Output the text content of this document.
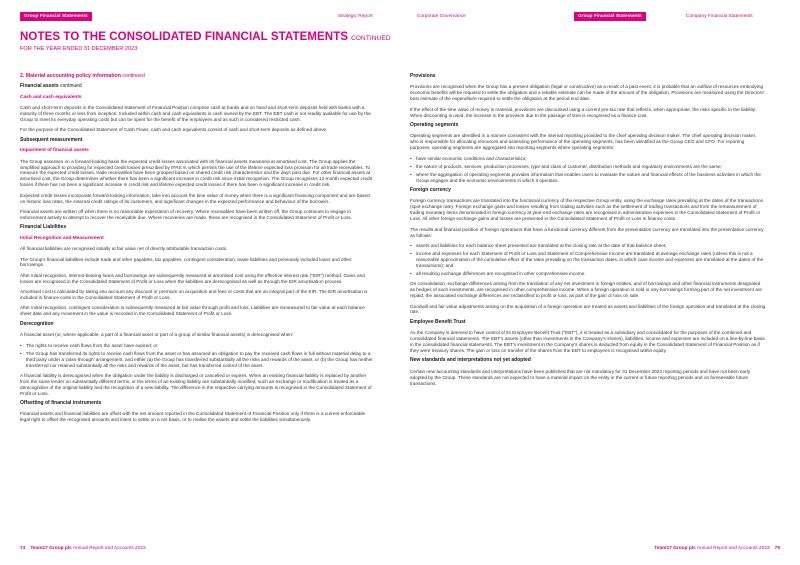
Group Financial Statements	Strategic Report	Corporate Governance	Group Financial Statements	Company Financial Statements
NOTES TO THE CONSOLIDATED FINANCIAL STATEMENTS CONTINUED
FOR THE YEAR ENDED 31 DECEMBER 2023

2. Material accounting policy information continued

Financial assets continued

Cash and cash equivalents

Cash and short-term deposits in the Consolidated Statement of Financial Position comprise cash at banks and on hand and short-term deposits held with banks with a maturity of three months or less from inception. Included within cash and cash equivalents is cash owned by the EBT. The EBT cash is not readily available for use by the Group to meet its everyday operating costs but can be spent for the benefit of the employees and as such is considered restricted cash.

For the purpose of the Consolidated Statement of Cash Flows, cash and cash equivalents consist of cash and short-term deposits as defined above.

Subsequent measurement

Impairment of financial assets

The Group assesses on a forward-looking basis the expected credit losses associated with its financial assets measured at amortised cost. The Group applies the simplified approach to providing for expected credit losses prescribed by IFRS 9, which permits the use of the lifetime expected loss provision for all trade receivables. To measure the expected credit losses, trade receivables have been grouped based on shared credit risk characteristics and the days past due. For other financial assets at amortised cost, the Group determines whether there has been a significant increase in credit risk since initial recognition. The Group recognises 12-month expected credit losses if there has not been a significant increase in credit risk and lifetime expected credit losses if there has been a significant increase in credit risk.

Expected credit losses incorporate forward-looking information, take into account the time value of money when there is a significant financing component and are based on historic loss rates, the external credit ratings of its customers, and significant changes in the expected performance and behaviour of the borrower.

Financial assets are written off when there is no reasonable expectation of recovery. Where receivables have been written off, the Group continues to engage in enforcement activity to attempt to recover the receivable due. Where recoveries are made, these are recognised in the Consolidated Statement of Profit or Loss.

Financial Liabilities

Initial Recognition and Measurement

All financial liabilities are recognised initially at fair value net of directly attributable transaction costs.

The Group's financial liabilities include trade and other payables, tax payables, contingent consideration, lease liabilities and previously included loans and other borrowings.

After initial recognition, interest-bearing loans and borrowings are subsequently measured at amortised cost using the effective interest rate ("EIR") method. Gains and losses are recognised in the Consolidated Statement of Profit or Loss when the liabilities are derecognised as well as through the EIR amortisation process.

Amortised cost is calculated by taking into account any discount or premium on acquisition and fees or costs that are an integral part of the EIR. The EIR amortisation is included in finance costs in the Consolidated Statement of Profit or Loss.

After initial recognition, contingent consideration is subsequently measured at fair value through profit and loss. Liabilities are remeasured to fair value at each balance sheet date and any movement in the value is recorded in the Consolidated Statement of Profit or Loss.

Derecognition

A financial asset (or, where applicable, a part of a financial asset or part of a group of similar financial assets) is derecognised when:

• The rights to receive cash flows from the asset have expired; or
• The Group has transferred its rights to receive cash flows from the asset or has assumed an obligation to pay the received cash flows in full without material delay to a third party under a 'pass-through' arrangement, and either (a) the Group has transferred substantially all the risks and rewards of the asset, or (b) the Group has neither transferred nor retained substantially all the risks and rewards of the asset, but has transferred control of the asset.

A financial liability is derecognised when the obligation under the liability is discharged or cancelled or expires. When an existing financial liability is replaced by another from the same lender on substantially different terms, or the terms of an existing liability are substantially modified, such an exchange or modification is treated as a derecognition of the original liability and the recognition of a new liability. The difference in the respective carrying amounts is recognised in the Consolidated Statement of Profit or Loss.

Offsetting of financial instruments

Financial assets and financial liabilities are offset with the net amount reported in the Consolidated Statement of Financial Position only if there is a current enforceable legal right to offset the recognised amounts and intent to settle on a net basis, or to realise the assets and settle the liabilities simultaneously.

Provisions

Provisions are recognised when the Group has a present obligation (legal or constructive) as a result of a past event, it is probable that an outflow of resources embodying economic benefits will be required to settle the obligation and a reliable estimate can be made of the amount of the obligation. Provisions are measured using the Directors' best estimate of the expenditure required to settle the obligation at the period end date.

If the effect of the time value of money is material, provisions are discounted using a current pre-tax rate that reflects, when appropriate, the risks specific to the liability. When discounting is used, the increase in the provision due to the passage of time is recognised as a finance cost.

Operating segments

Operating segments are identified in a manner consistent with the internal reporting provided to the chief operating decision maker. The chief operating decision maker, who is responsible for allocating resources and assessing performance of the operating segments, has been identified as the Group CEO and CFO. For reporting purposes, operating segments are aggregated into reporting segments where operating segments:

• have similar economic conditions and characteristics;
• the nature of products, services, production processes, type and class of customer, distribution methods and regulatory environments are the same;
• where the aggregation of operating segments provides information that enables users to evaluate the nature and financial effects of the business activities in which the Group engages and the economic environments in which it operates.

Foreign currency

Foreign currency transactions are translated into the functional currency of the respective Group entity, using the exchange rates prevailing at the dates of the transactions (spot exchange rate). Foreign exchange gains and losses resulting from trading activities such as the settlement of trading transactions and from the remeasurement of trading monetary items denominated in foreign currency at year-end exchange rates are recognised in administrative expenses in the Consolidated Statement of Profit or Loss. All other foreign exchange gains and losses are presented in the Consolidated Statement of Profit or Loss in finance costs.

The results and financial position of foreign operations that have a functional currency different from the presentation currency are translated into the presentation currency as follows:

• assets and liabilities for each balance sheet presented are translated at the closing rate at the date of that balance sheet;
• income and expenses for each Statement of Profit or Loss and Statement of Comprehensive Income are translated at average exchange rates (unless this is not a reasonable approximation of the cumulative effect of the rates prevailing on the transaction dates, in which case income and expenses are translated at the dates of the transactions); and
• all resulting exchange differences are recognised in other comprehensive income.

On consolidation, exchange differences arising from the translation of any net investment in foreign entities, and of borrowings and other financial instruments designated as hedges of such investments, are recognised in other comprehensive income. When a foreign operation is sold or any borrowings forming part of the net investment are repaid, the associated exchange differences are reclassified to profit or loss, as part of the gain or loss on sale.

Goodwill and fair value adjustments arising on the acquisition of a foreign operation are treated as assets and liabilities of the foreign operation and translated at the closing rate.

Employee Benefit Trust

As the Company is deemed to have control of its Employee Benefit Trust ("EBT"), it is treated as a subsidiary and consolidated for the purposes of the combined and consolidated financial statements. The EBT's assets (other than investments in the Company's shares), liabilities, income and expenses are included on a line-by-line basis in the consolidated financial statements. The EBT's investment in the Company's shares is deducted from equity in the Consolidated Statement of Financial Position as if they were treasury shares. The gain or loss on transfer of the shares from the EBT to employees is recognised within equity.

New standards and interpretations not yet adopted

Certain new accounting standards and interpretations have been published that are not mandatory for 31 December 2023 reporting periods and have not been early adopted by the Group. These standards are not expected to have a material impact on the entity in the current or future reporting periods and on foreseeable future transactions.

74 Team17 Group plc Annual Report and Accounts 2023	Team17 Group plc Annual Report and Accounts 2023 75
